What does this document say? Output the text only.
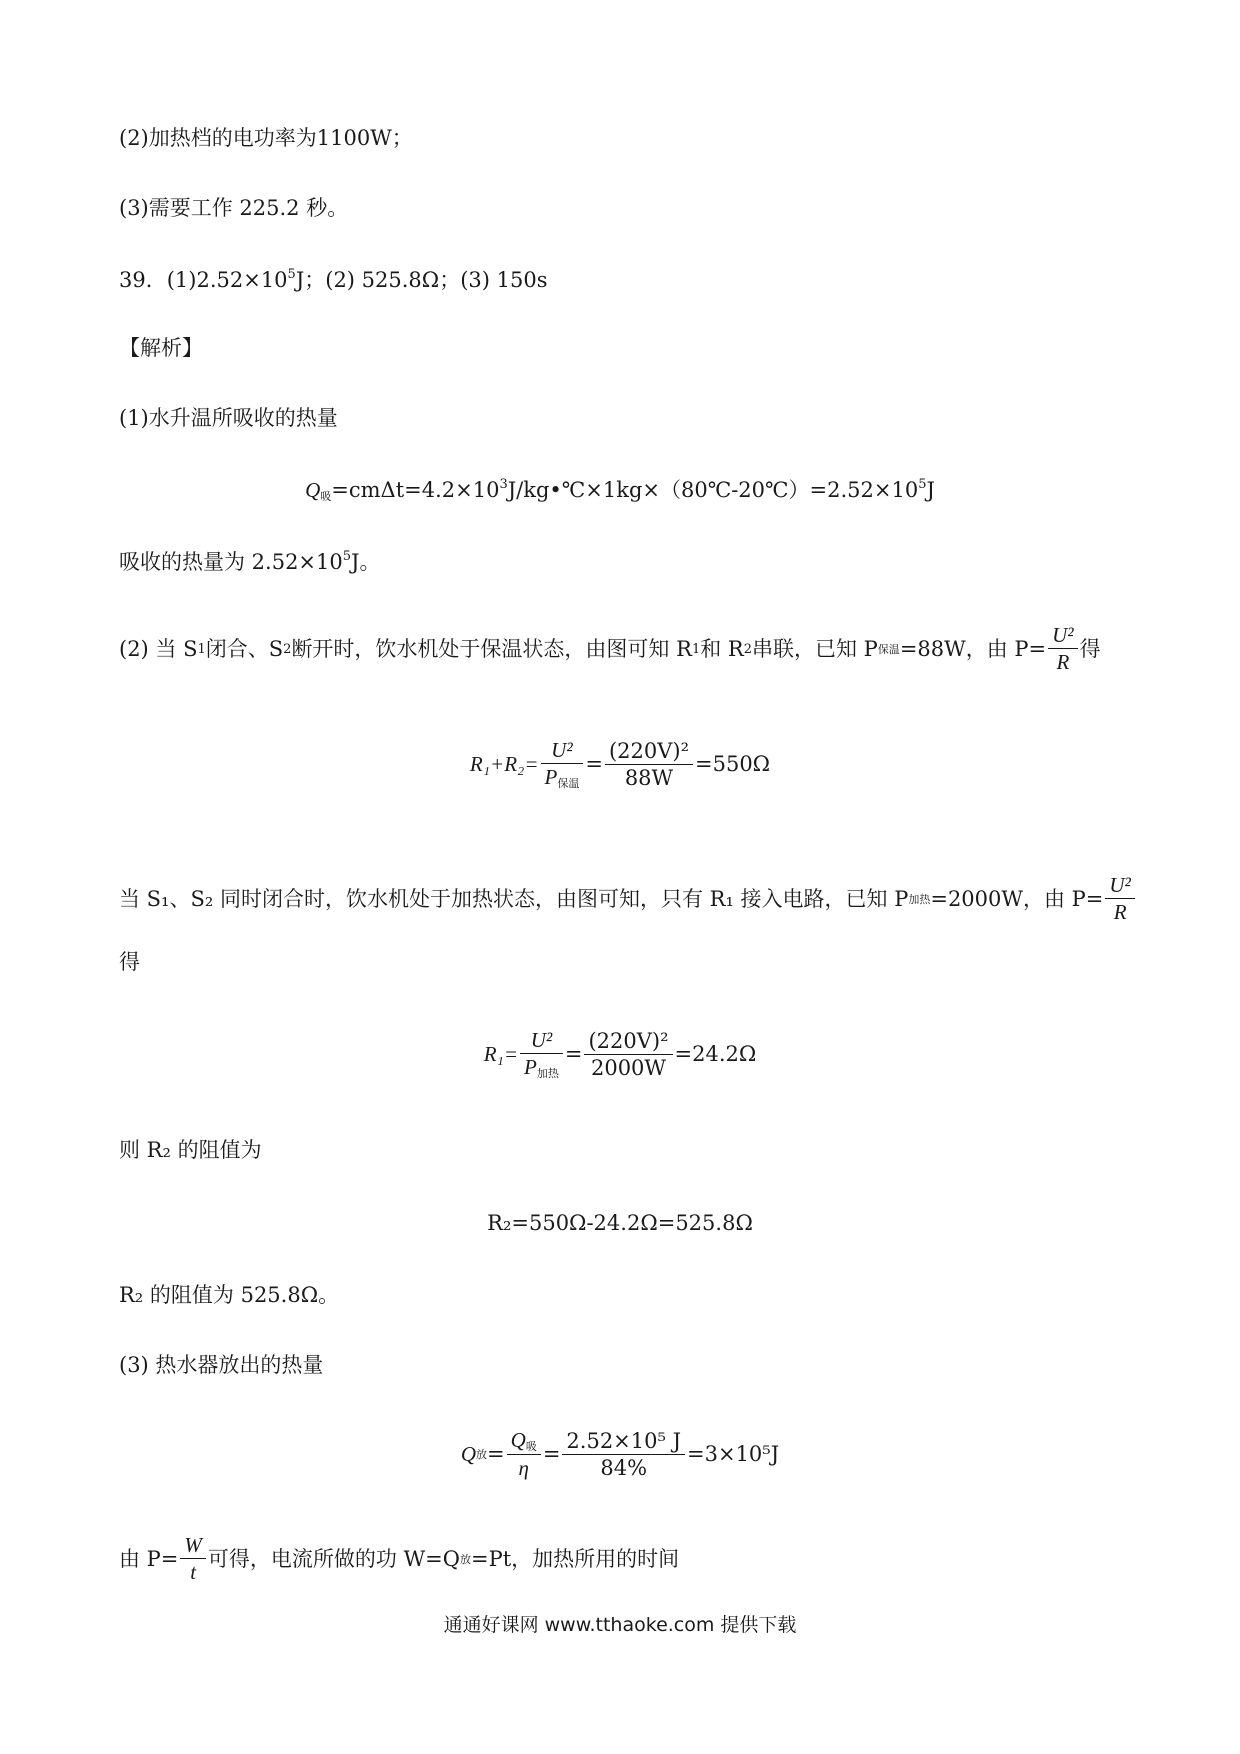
(2)加热档的电功率为1100W；
(3)需要工作 225.2 秒。
39．$(1)2.52\times 10^5J$；(2) 525.8Ω；(3) 150s
【解析】
(1)水升温所吸收的热量
Q吸$=cm\Delta t=4.2\times 10^3J/kg•℃\times 1kg\times(80℃-20℃)=2.52\times 10^5J$
吸收的热量为 $2.52\times 10^5J$。
(2) 当 S 1 闭合、S 2 断开时，饮水机处于保温状态，由图可知 R 1 和 R 2 串联，已知 P 保温 =88W，由 $P= \frac{\text{U²}}{R}$ 得
$R_1+R_2= \frac{\text{U²}}{\text{P保温}} = \frac{\text{(220V)²}}{88W} =550\Omega$
当 S₁、S₂ 同时闭合时，饮水机处于加热状态，由图可知，只有 R₁ 接入电路，已知 P 加热 =2000W，由 $P= \frac{\text{U²}}{R}$
得
$R_1= \frac{\text{U²}}{\text{P加热}} = \frac{\text{(220V)²}}{2000W} =24.2\Omega$
则 R₂ 的阻值为
R₂=550Ω-24.2Ω=525.8Ω
R₂ 的阻值为 525.8Ω。
(3) 热水器放出的热量
Q 放 = $\frac{\text{Q吸}}{\eta} = \frac{\text{2.52×10⁵ J}}{84\%} =3\times 10^5J$
由 $P= \frac{W}{t}$ 可得，电流所做的功 W=Q 放 =Pt，加热所用的时间
通通好课网 www.tthaoke.com 提供下载
